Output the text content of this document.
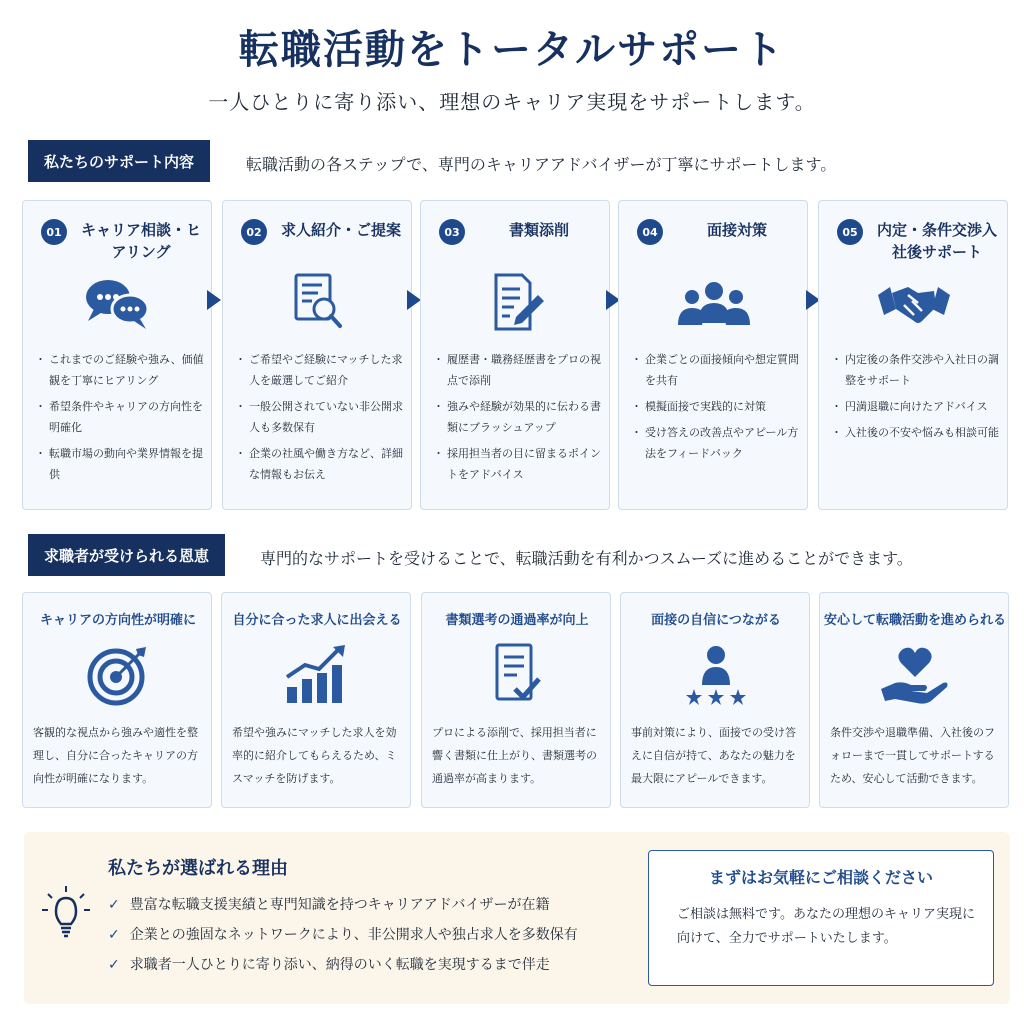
転職活動をトータルサポート
一人ひとりに寄り添い、理想のキャリア実現をサポートします。
私たちのサポート内容	転職活動の各ステップで、専門のキャリアアドバイザーが丁寧にサポートします。
01	キャリア相談・ヒアリング
・ これまでのご経験や強み、価値観を丁寧にヒアリング
・ 希望条件やキャリアの方向性を明確化
・ 転職市場の動向や業界情報を提供
02	求人紹介・ご提案
・ ご希望やご経験にマッチした求人を厳選してご紹介
・ 一般公開されていない非公開求人も多数保有
・ 企業の社風や働き方など、詳細な情報もお伝え
03	書類添削
・ 履歴書・職務経歴書をプロの視点で添削
・ 強みや経験が効果的に伝わる書類にブラッシュアップ
・ 採用担当者の目に留まるポイントをアドバイス
04	面接対策
・ 企業ごとの面接傾向や想定質問を共有
・ 模擬面接で実践的に対策
・ 受け答えの改善点やアピール方法をフィードバック
05	内定・条件交渉入社後サポート
・ 内定後の条件交渉や入社日の調整をサポート
・ 円満退職に向けたアドバイス
・ 入社後の不安や悩みも相談可能
求職者が受けられる恩恵	専門的なサポートを受けることで、転職活動を有利かつスムーズに進めることができます。
キャリアの方向性が明確に
客観的な視点から強みや適性を整理し、自分に合ったキャリアの方向性が明確になります。
自分に合った求人に出会える
希望や強みにマッチした求人を効率的に紹介してもらえるため、ミスマッチを防げます。
書類選考の通過率が向上
プロによる添削で、採用担当者に響く書類に仕上がり、書類選考の通過率が高まります。
面接の自信につながる
事前対策により、面接での受け答えに自信が持て、あなたの魅力を最大限にアピールできます。
安心して転職活動を進められる
条件交渉や退職準備、入社後のフォローまで一貫してサポートするため、安心して活動できます。
私たちが選ばれる理由
✓ 豊富な転職支援実績と専門知識を持つキャリアアドバイザーが在籍
✓ 企業との強固なネットワークにより、非公開求人や独占求人を多数保有
✓ 求職者一人ひとりに寄り添い、納得のいく転職を実現するまで伴走
まずはお気軽にご相談ください
ご相談は無料です。あなたの理想のキャリア実現に向けて、全力でサポートいたします。
